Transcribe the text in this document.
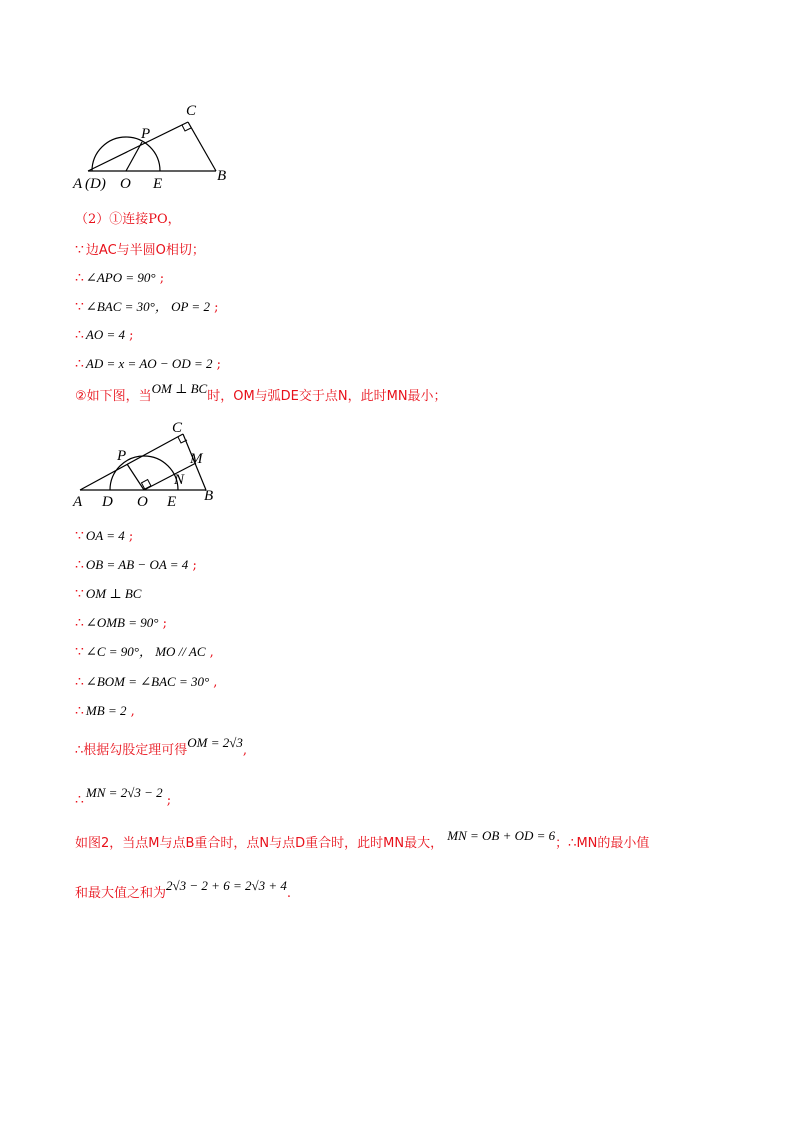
A (D) O E	B
C
P
（2）①连接PO，
∵ 边AC与半圆O相切；
∴ ∠APO = 90° ;
∵ ∠BAC = 30°， OP = 2 ;
∴ AO = 4 ;
∴ AD = x = AO − OD = 2 ;
②如下图，当OM ⊥ BC时，OM与弧DE交于点N，此时MN最小；
A D O E B
C
P	M
N
∵ OA = 4 ;
∴ OB = AB − OA = 4 ;
∵ OM ⊥ BC
∴ ∠OMB = 90° ;
∵ ∠C = 90°， MO // AC ,
∴ ∠BOM = ∠BAC = 30° ,
∴ MB = 2 ,
∴根据勾股定理可得OM = 2√3,
∴ MN = 2√3 − 2 ;
如图2，当点M与点B重合时，点N与点D重合时，此时MN最大， MN = OB + OD = 6；∴MN的最小值
和最大值之和为2√3 − 2 + 6 = 2√3 + 4.
